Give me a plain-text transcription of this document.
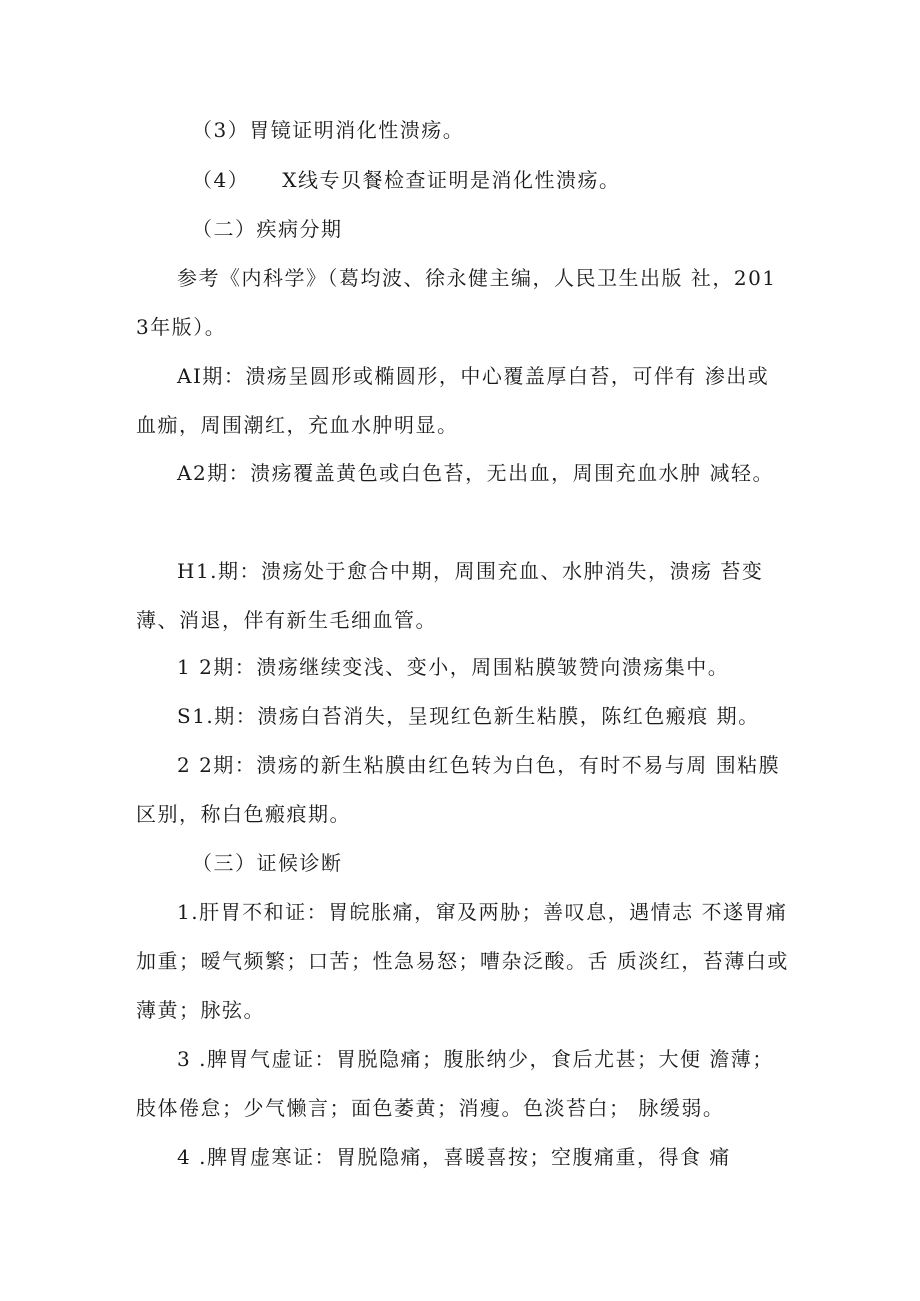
（3）胃镜证明消化性溃疡。

（4）　　X线专贝餐检查证明是消化性溃疡。

（二）疾病分期

参考《内科学》（葛均波、徐永健主编，人民卫生出版 社，2013年版）。

AI期：溃疡呈圆形或椭圆形，中心覆盖厚白苔，可伴有 渗出或血痂，周围潮红，充血水肿明显。

A2期：溃疡覆盖黄色或白色苔，无出血，周围充血水肿 减轻。

H1.期：溃疡处于愈合中期，周围充血、水肿消失，溃疡 苔变薄、消退，伴有新生毛细血管。

1 2期：溃疡继续变浅、变小，周围粘膜皱赞向溃疡集中。

S1.期：溃疡白苔消失，呈现红色新生粘膜，陈红色瘢痕 期。

2 2期：溃疡的新生粘膜由红色转为白色，有时不易与周 围粘膜区别，称白色瘢痕期。

（三）证候诊断

1.肝胃不和证：胃皖胀痛，窜及两胁；善叹息，遇情志 不遂胃痛加重；暧气频繁；口苦；性急易怒；嘈杂泛酸。舌 质淡红，苔薄白或薄黄；脉弦。

3 .脾胃气虚证：胃脱隐痛；腹胀纳少，食后尤甚；大便 澹薄；肢体倦怠；少气懒言；面色萎黄；消瘦。色淡苔白； 脉缓弱。

4 .脾胃虚寒证：胃脱隐痛，喜暖喜按；空腹痛重，得食 痛
